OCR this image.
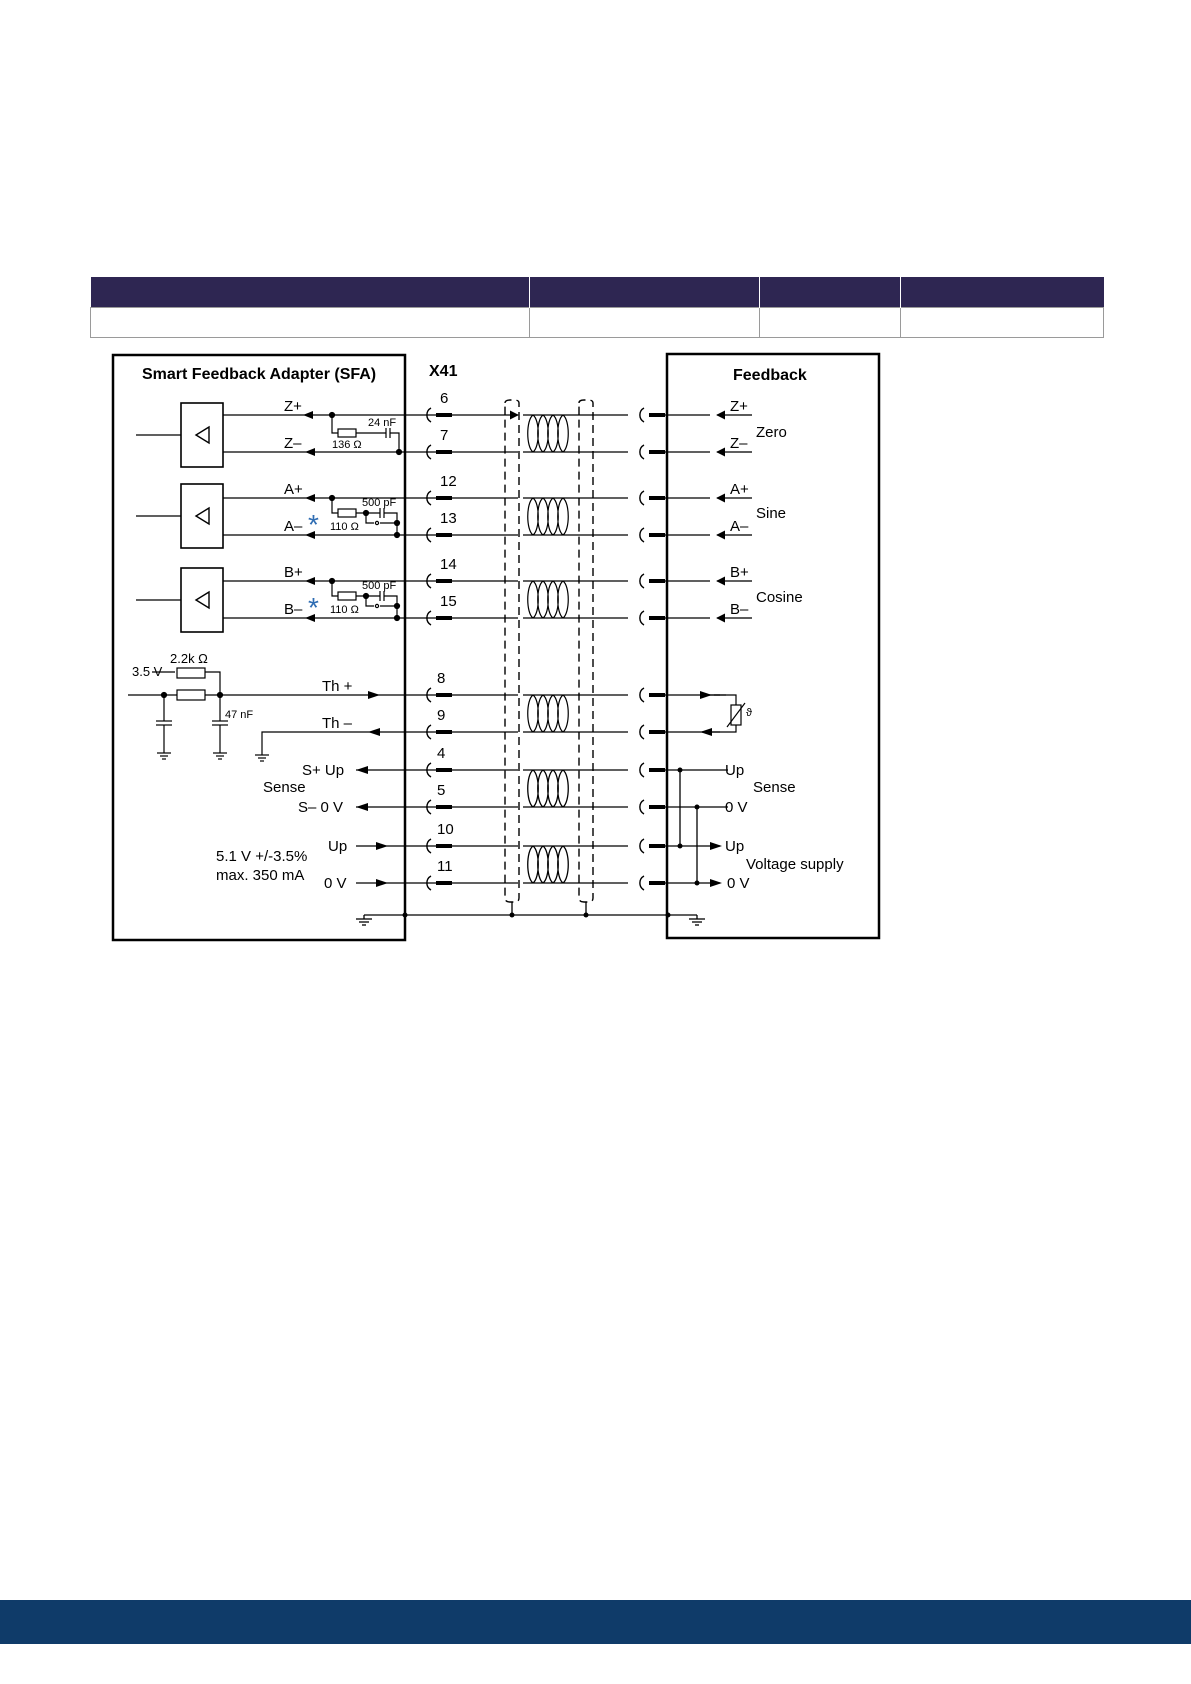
Smart Feedback Adapter (SFA)	X41	Feedback
Z+
Z–
A+
A–
B+
B–
24 nF
136 Ω
500 pF
110 Ω
500 pF
110 Ω
*
*
Z+
Z–
Zero
A+
A–
Sine
B+
B–
Cosine
2.2k Ω
3.5 V
47 nF	ϑ
Th +
Th –
S+ Up
Sense
S– 0 V
Up
0 V
Sense
5.1 V +/-3.5%
max. 350 mA
Up
0 V
Up
0 V
Voltage supply
6
7
12
13
14
15
8
9
4
5
10
11
